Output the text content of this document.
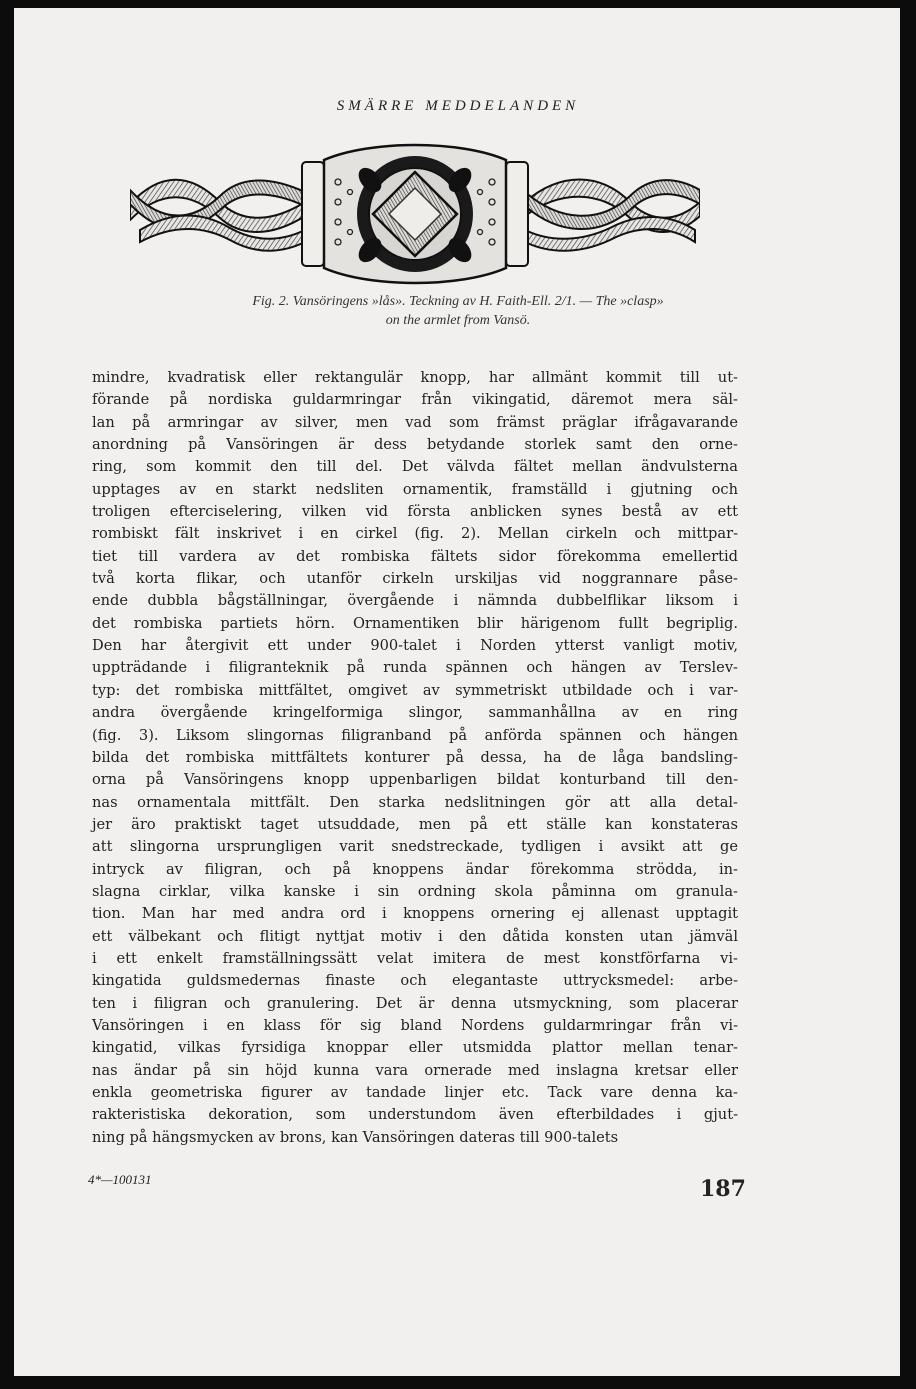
SMÄRRE MEDDELANDEN
Fig. 2. Vansöringens »lås». Teckning av H. Faith-Ell. 2/1. — The »clasp»
on the armlet from Vansö.
mindre, kvadratisk eller rektangulär knopp, har allmänt kommit till ut-
förande på nordiska guldarmringar från vikingatid, däremot mera säl-
lan på armringar av silver, men vad som främst präglar ifrågavarande
anordning på Vansöringen är dess betydande storlek samt den orne-
ring, som kommit den till del. Det välvda fältet mellan ändvulsterna
upptages av en starkt nedsliten ornamentik, framställd i gjutning och
troligen efterciselering, vilken vid första anblicken synes bestå av ett
rombiskt fält inskrivet i en cirkel (fig. 2). Mellan cirkeln och mittpar-
tiet till vardera av det rombiska fältets sidor förekomma emellertid
två korta flikar, och utanför cirkeln urskiljas vid noggrannare påse-
ende dubbla bågställningar, övergående i nämnda dubbelflikar liksom i
det rombiska partiets hörn. Ornamentiken blir härigenom fullt begriplig.
Den har återgivit ett under 900-talet i Norden ytterst vanligt motiv,
uppträdande i filigranteknik på runda spännen och hängen av Terslev-
typ: det rombiska mittfältet, omgivet av symmetriskt utbildade och i var-
andra övergående kringelformiga slingor, sammanhållna av en ring
(fig. 3). Liksom slingornas filigranband på anförda spännen och hängen
bilda det rombiska mittfältets konturer på dessa, ha de låga bandsling-
orna på Vansöringens knopp uppenbarligen bildat konturband till den-
nas ornamentala mittfält. Den starka nedslitningen gör att alla detal-
jer äro praktiskt taget utsuddade, men på ett ställe kan konstateras
att slingorna ursprungligen varit snedstreckade, tydligen i avsikt att ge
intryck av filigran, och på knoppens ändar förekomma strödda, in-
slagna cirklar, vilka kanske i sin ordning skola påminna om granula-
tion. Man har med andra ord i knoppens ornering ej allenast upptagit
ett välbekant och flitigt nyttjat motiv i den dåtida konsten utan jämväl
i ett enkelt framställningssätt velat imitera de mest konstförfarna vi-
kingatida guldsmedernas finaste och elegantaste uttrycksmedel: arbe-
ten i filigran och granulering. Det är denna utsmyckning, som placerar
Vansöringen i en klass för sig bland Nordens guldarmringar från vi-
kingatid, vilkas fyrsidiga knoppar eller utsmidda plattor mellan tenar-
nas ändar på sin höjd kunna vara ornerade med inslagna kretsar eller
enkla geometriska figurer av tandade linjer etc. Tack vare denna ka-
rakteristiska dekoration, som understundom även efterbildades i gjut-
ning på hängsmycken av brons, kan Vansöringen dateras till 900-talets
4*—100131	187
